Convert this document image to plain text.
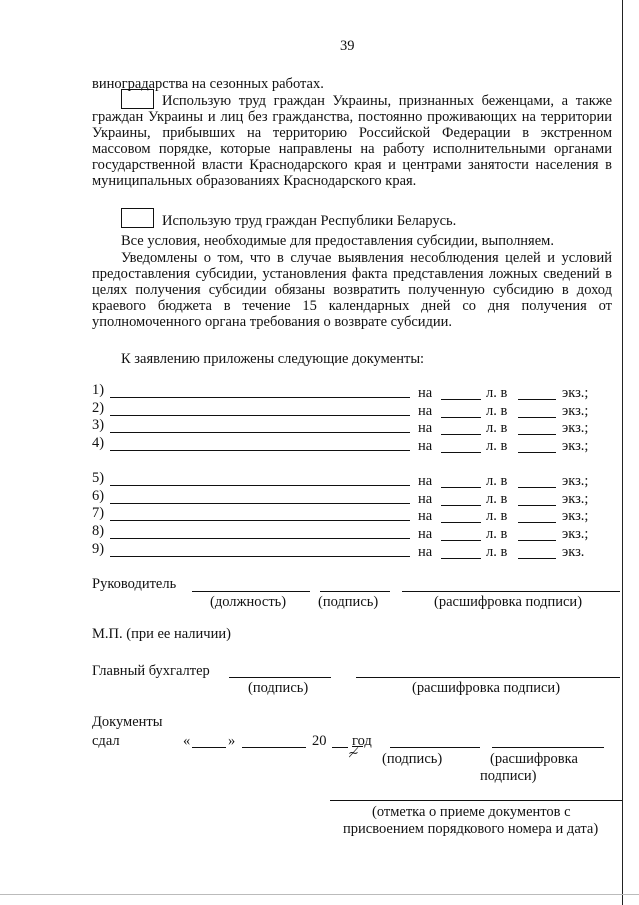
39
виноградарства на сезонных работах.
Использую труд граждан Украины, признанных беженцами, а также граждан Украины и лиц без гражданства, постоянно проживающих на территории Украины, прибывших на территорию Российской Федерации в экстренном массовом порядке, которые направлены на работу исполнительными органами государственной власти Краснодарского края и центрами занятости населения в муниципальных образованиях Краснодарского края.
Использую труд граждан Республики Беларусь.
Все условия, необходимые для предоставления субсидии, выполняем.
Уведомлены о том, что в случае выявления несоблюдения целей и условий предоставления субсидии, установления факта представления ложных сведений в целях получения субсидии обязаны возвратить полученную субсидию в доход краевого бюджета в течение 15 календарных дней со дня получения от уполномоченного органа требования о возврате субсидии.
К заявлению приложены следующие документы:
1)	на	л. в	экз.;
2)	на	л. в	экз.;
3)	на	л. в	экз.;
4)	на	л. в	экз.;
5)	на	л. в	экз.;
6)	на	л. в	экз.;
7)	на	л. в	экз.;
8)	на	л. в	экз.;
9)	на	л. в	экз.
Руководитель
(должность) (подпись)	(расшифровка подписи)
М.П. (при ее наличии)
Главный бухгалтер
(подпись)	(расшифровка подписи)
Документы
сдал	«	»	20 год
≁ (подпись)	(расшифровка
подписи)
(отметка о приеме документов с
присвоением порядкового номера и дата)
